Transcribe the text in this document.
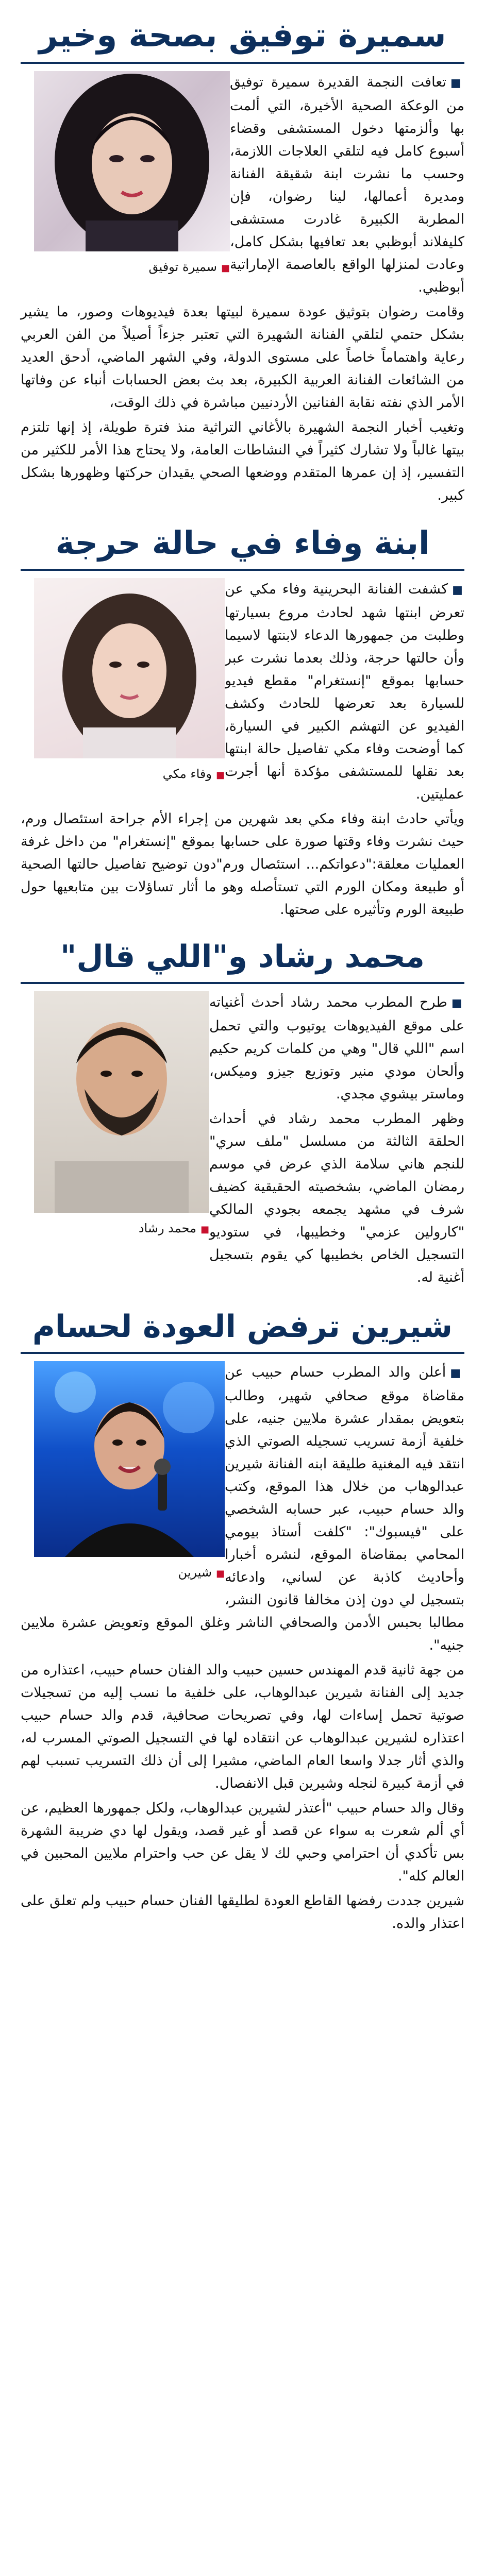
سميرة توفيق بصحة وخير
■ سميرة توفيق

■ تعافت النجمة القديرة سميرة توفيق من الوعكة الصحية الأخيرة، التي ألمت بها وألزمتها دخول المستشفى وقضاء أسبوع كامل فيه لتلقي العلاجات اللازمة، وحسب ما نشرت ابنة شقيقة الفنانة ومديرة أعمالها، لينا رضوان، فإن المطربة الكبيرة غادرت مستشفى كليفلاند أبوظبي بعد تعافيها بشكل كامل، وعادت لمنزلها الواقع بالعاصمة الإماراتية أبوظبي.

وقامت رضوان بتوثيق عودة سميرة لبيتها بعدة فيديوهات وصور، ما يشير بشكل حتمي لتلقي الفنانة الشهيرة التي تعتبر جزءاً أصيلاً من الفن العربي رعاية واهتماماً خاصاً على مستوى الدولة، وفي الشهر الماضي، أدحق العديد من الشائعات الفنانة العربية الكبيرة، بعد بث بعض الحسابات أنباء عن وفاتها الأمر الذي نفته نقابة الفنانين الأردنيين مباشرة في ذلك الوقت،

وتغيب أخبار النجمة الشهيرة بالأغاني التراثية منذ فترة طويلة، إذ إنها تلتزم بيتها غالباً ولا تشارك كثيراً في النشاطات العامة، ولا يحتاج هذا الأمر للكثير من التفسير، إذ إن عمرها المتقدم ووضعها الصحي يقيدان حركتها وظهورها بشكل كبير.

ابنة وفاء في حالة حرجة
■ وفاء مكي

■ كشفت الفنانة البحرينية وفاء مكي عن تعرض ابنتها شهد لحادث مروع بسيارتها وطلبت من جمهورها الدعاء لابنتها لاسيما وأن حالتها حرجة، وذلك بعدما نشرت عبر حسابها بموقع "إنستغرام" مقطع فيديو للسيارة بعد تعرضها للحادث وكشف الفيديو عن التهشم الكبير في السيارة، كما أوضحت وفاء مكي تفاصيل حالة ابنتها بعد نقلها للمستشفى مؤكدة أنها أجرت عمليتين.

ويأتي حادث ابنة وفاء مكي بعد شهرين من إجراء الأم جراحة استئصال ورم، حيث نشرت وفاء وقتها صورة على حسابها بموقع "إنستغرام" من داخل غرفة العمليات معلقة:"دعواتكم... استئصال ورم"دون توضيح تفاصيل حالتها الصحية أو طبيعة ومكان الورم التي تستأصله وهو ما أثار تساؤلات بين متابعيها حول طبيعة الورم وتأثيره على صحتها.

محمد رشاد و"اللي قال"
■ محمد رشاد

■ طرح المطرب محمد رشاد أحدث أغنياته على موقع الفيديوهات يوتيوب والتي تحمل اسم "اللي قال" وهي من كلمات كريم حكيم وألحان مودي منير وتوزيع جيزو وميكس، وماستر بيشوي مجدي.

وظهر المطرب محمد رشاد في أحداث الحلقة الثالثة من مسلسل "ملف سري" للنجم هاني سلامة الذي عرض في موسم رمضان الماضي، بشخصيته الحقيقية كضيف شرف في مشهد يجمعه بجودي المالكي "كارولين عزمي" وخطيبها، في ستوديو التسجيل الخاص بخطيبها كي يقوم بتسجيل أغنية له.

شيرين ترفض العودة لحسام
■ شيرين

■ أعلن والد المطرب حسام حبيب عن مقاضاة موقع صحافي شهير، وطالب بتعويض بمقدار عشرة ملايين جنيه، على خلفية أزمة تسريب تسجيله الصوتي الذي انتقد فيه المغنية طليقة ابنه الفنانة شيرين عبدالوهاب من خلال هذا الموقع، وكتب والد حسام حبيب، عبر حسابه الشخصي على "فيسبوك": "كلفت أستاذ بيومي المحامي بمقاضاة الموقع، لنشره أخبارا وأحاديث كاذبة عن لساني، وادعائه بتسجيل لي دون إذن مخالفا قانون النشر، مطالبا بحبس الأدمن والصحافي الناشر وغلق الموقع وتعويض عشرة ملايين جنيه".

من جهة ثانية قدم المهندس حسين حبيب والد الفنان حسام حبيب، اعتذاره من جديد إلى الفنانة شيرين عبدالوهاب، على خلفية ما نسب إليه من تسجيلات صوتية تحمل إساءات لها، وفي تصريحات صحافية، قدم والد حسام حبيب اعتذاره لشيرين عبدالوهاب عن انتقاده لها في التسجيل الصوتي المسرب له، والذي أثار جدلا واسعا العام الماضي، مشيرا إلى أن ذلك التسريب تسبب لهم في أزمة كبيرة لنجله وشيرين قبل الانفصال.

وقال والد حسام حبيب "أعتذر لشيرين عبدالوهاب، ولكل جمهورها العظيم، عن أي ألم شعرت به سواء عن قصد أو غير قصد، ويقول لها دي ضريبة الشهرة بس تأكدي أن احترامي وحبي لك لا يقل عن حب واحترام ملايين المحبين في العالم كله".

شيرين جددت رفضها القاطع العودة لطليقها الفنان حسام حبيب ولم تعلق على اعتذار والده.
